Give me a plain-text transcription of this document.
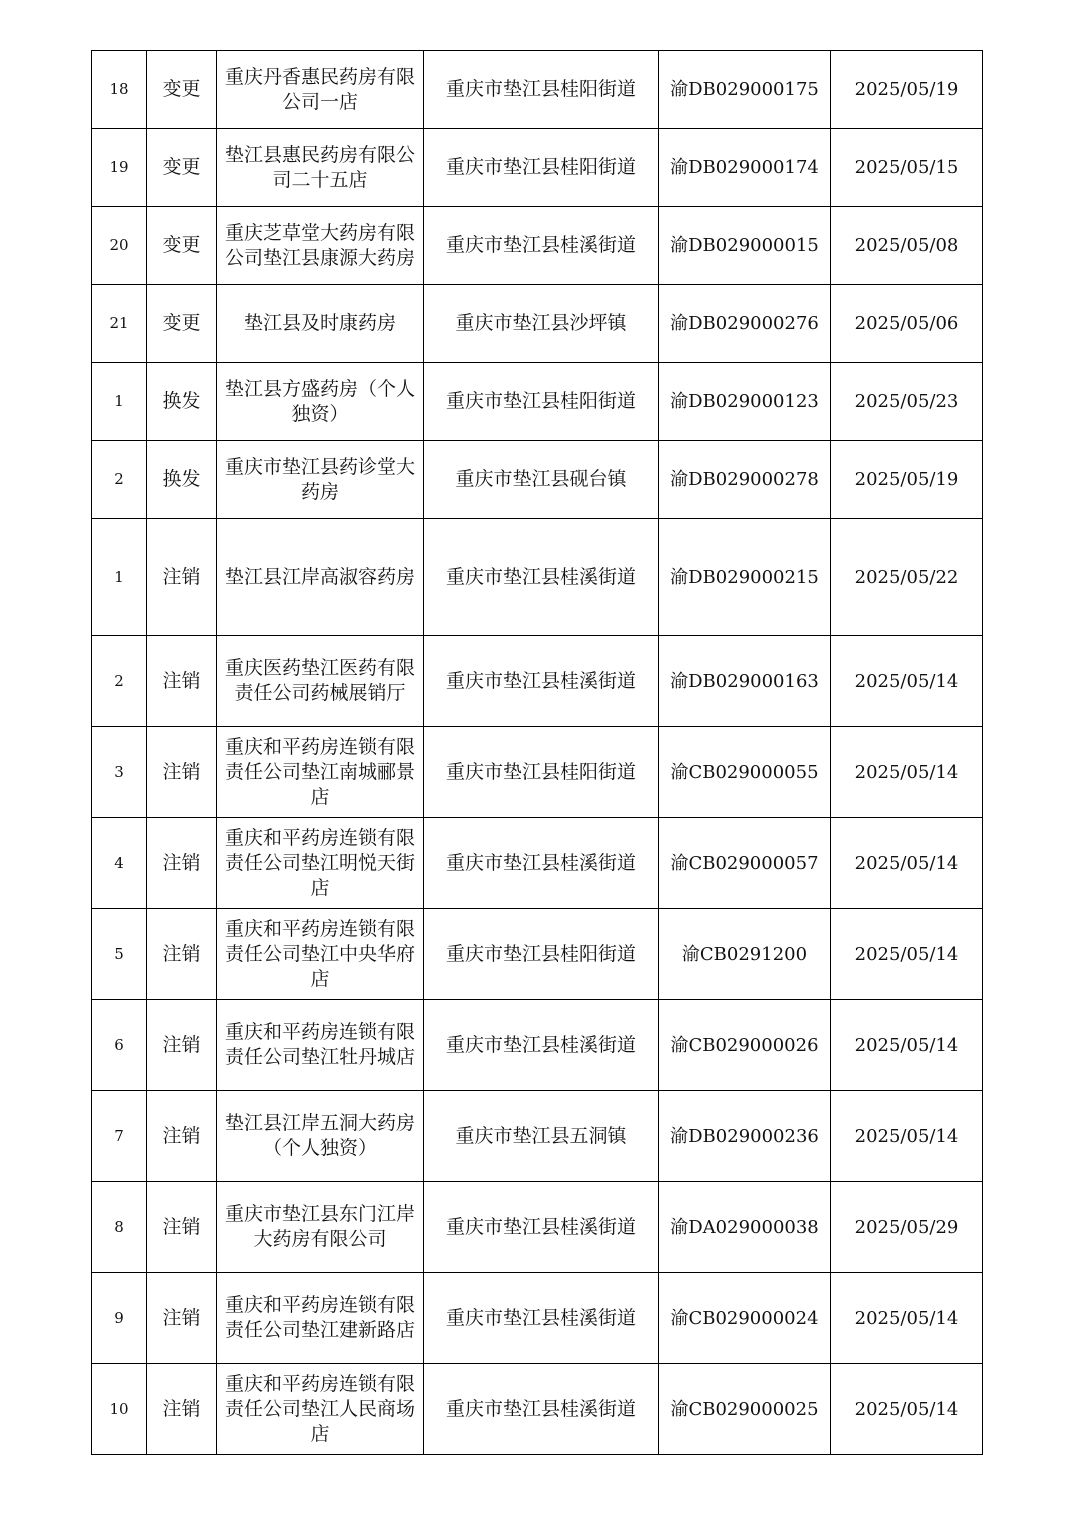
18	变更	重庆丹香惠民药房有限公司一店	重庆市垫江县桂阳街道	渝DB029000175	2025/05/19
19	变更	垫江县惠民药房有限公司二十五店	重庆市垫江县桂阳街道	渝DB029000174	2025/05/15
20	变更	重庆芝草堂大药房有限公司垫江县康源大药房	重庆市垫江县桂溪街道	渝DB029000015	2025/05/08
21	变更	垫江县及时康药房	重庆市垫江县沙坪镇	渝DB029000276	2025/05/06
1	换发	垫江县方盛药房（个人独资）	重庆市垫江县桂阳街道	渝DB029000123	2025/05/23
2	换发	重庆市垫江县药诊堂大药房	重庆市垫江县砚台镇	渝DB029000278	2025/05/19
1	注销	垫江县江岸高淑容药房	重庆市垫江县桂溪街道	渝DB029000215	2025/05/22
2	注销	重庆医药垫江医药有限责任公司药械展销厅	重庆市垫江县桂溪街道	渝DB029000163	2025/05/14
3	注销	重庆和平药房连锁有限责任公司垫江南城郦景店	重庆市垫江县桂阳街道	渝CB029000055	2025/05/14
4	注销	重庆和平药房连锁有限责任公司垫江明悦天街店	重庆市垫江县桂溪街道	渝CB029000057	2025/05/14
5	注销	重庆和平药房连锁有限责任公司垫江中央华府店	重庆市垫江县桂阳街道	渝CB0291200	2025/05/14
6	注销	重庆和平药房连锁有限责任公司垫江牡丹城店	重庆市垫江县桂溪街道	渝CB029000026	2025/05/14
7	注销	垫江县江岸五洞大药房（个人独资）	重庆市垫江县五洞镇	渝DB029000236	2025/05/14
8	注销	重庆市垫江县东门江岸大药房有限公司	重庆市垫江县桂溪街道	渝DA029000038	2025/05/29
9	注销	重庆和平药房连锁有限责任公司垫江建新路店	重庆市垫江县桂溪街道	渝CB029000024	2025/05/14
10	注销	重庆和平药房连锁有限责任公司垫江人民商场店	重庆市垫江县桂溪街道	渝CB029000025	2025/05/14
